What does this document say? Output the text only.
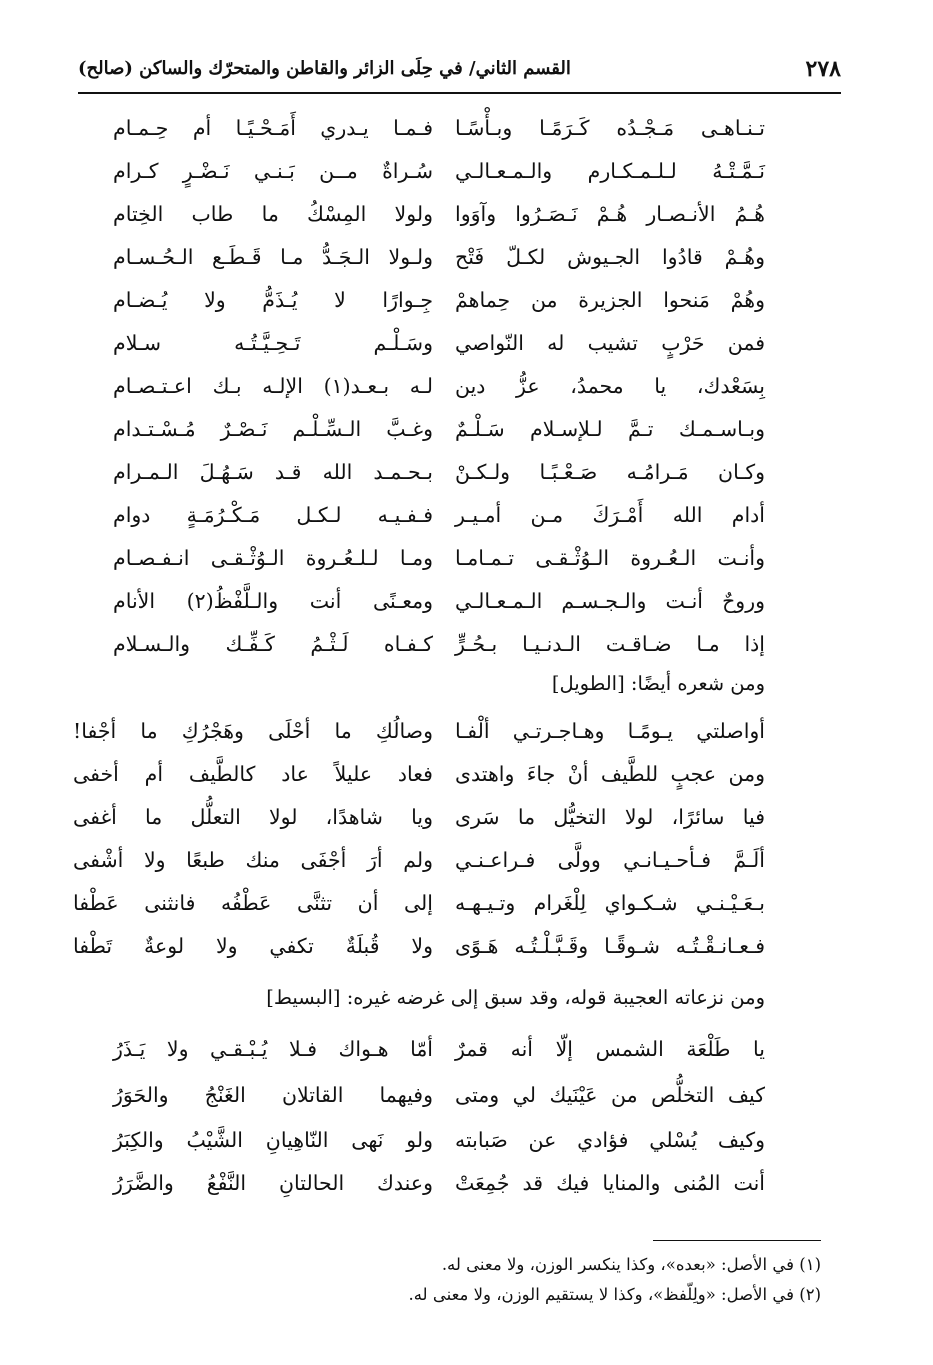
٢٧٨
القسم الثاني/ في حِلَى الزائر والقاطن والمتحرّك والساكن (صالح)
تـنـاهـى مَـجْـدُه كَـرَمًـا وبـأْسًـا
فـمـا يـدري أَمَـحْـيًـا أم حِـمـام
نَـمَّـتْـهُ لـلـمـكـارم والـمـعـالـي
سُـراةٌ مــن بَـنـي نَـضْـرٍ كـرام
هُـمُ الأنـصـار هُـمْ نَـصَـرُوا وآوَوا
ولولا المِسْكُ ما طاب الخِتام
وهُـمْ قادُوا الجـيوش لكـلّ فَتْح
ولـولا الـجَـدُّ مـا قَـطَـع الـحُـسـام
وهُمْ مَنحوا الجزيرة من حِماهمْ
جِـوارًا لا يُـذَمُّ ولا يُـضـام
فمن حَرْبٍ تشيب له النّواصي
وسَـلْـم تَـحِـيَّـتُـه سـلام
بِسَعْدك، يا محمدُ، عزُّ دين
لـه بـعـد(١) الإلـه بـك اعـتـصـام
وبـاسـمـك تـمَّ لـلإسـلام سَـلْـمٌ
وغـبَّ الـسِّـلْـم نَـصْـرٌ مُـسْـتـدام
وكـان مَـرامُـه صَـعْـبًـا ولـكـنْ
بـحـمـد الله قـد سَـهُـلَ الـمـرام
أدام الله أَمْـرَكَ مـن أمـيـر
فـفـيـه لـكـل مَـكْـرُمَـةٍ دوام
وأنـت الـعُـروة الـوُثْـقـى تـمـامـا
ومـا لـلـعُـروة الـوُثْـقـى انـفـصـام
وروحٌ أنـت والـجـسـم الـمـعـالـي
ومعـنًى أنت والـلَّفْظُ(٢) الأنام
إذا مـا ضـاقـت الـدنـيـا بـحُـرٍّ
كـفـاه لَـثْـمُ كَـفِّـك والـسـلام
ومن شعره أيضًا: [الطويل]
أواصلتي يـومًـا وهـاجـرتـي ألْفـا
وصالُكِ ما أحْلَى وهَجْرُكِ ما أجْفا!
ومن عجبٍ للطَّيف أنْ جاءَ واهتدى
فعاد عليلاً عاد كالطَّيف أم أخفى
فيا سائرًا، لولا التخيُّل ما سَرى
ويا شاهدًا، لولا التعلُّل ما أغفى
ألَـمَّ فـأحـيـانـي وولَّى فـراعـنـي
ولم أرَ أجْفَى منك طبعًا ولا أشْفى
بـعَـيْـنـي شـكـواي لِلْغَرام وتـيـهـه
إلى أن تثنَّى عَطْفُه فانثنى عَطْفا
فـعـانـقْـتُـه شـوقًـا وقَـبَّـلْـتُـه هَـوًى
ولا قُبلَةٌ تكفي ولا لوعةٌ تَطْفا
ومن نزعاته العجيبة قوله، وقد سبق إلى غرضه غيره: [البسيط]
يا طَلْعَة الشمس إلّا أنه قمرٌ
أمّا هـواك فـلا يُـبْـقـي ولا يَـذَرُ
كيف التخلُّص من عَيْنَيك لي ومتى
وفيهما القاتلان الغَنْجُ والحَوَرُ
وكيف يُسْلي فؤادي عن صَبابته
ولو نَهى النّاهِيانِ الشَّيْبُ والكِبَرُ
أنت المُنى والمنايا فيك قد جُمِعَتْ
وعندك الحالتانِ النَّفْعُ والضَّرَرُ
(١) في الأصل: «بعده»، وكذا ينكسر الوزن، ولا معنى له.
(٢) في الأصل: «ولِلّفظ»، وكذا لا يستقيم الوزن، ولا معنى له.
